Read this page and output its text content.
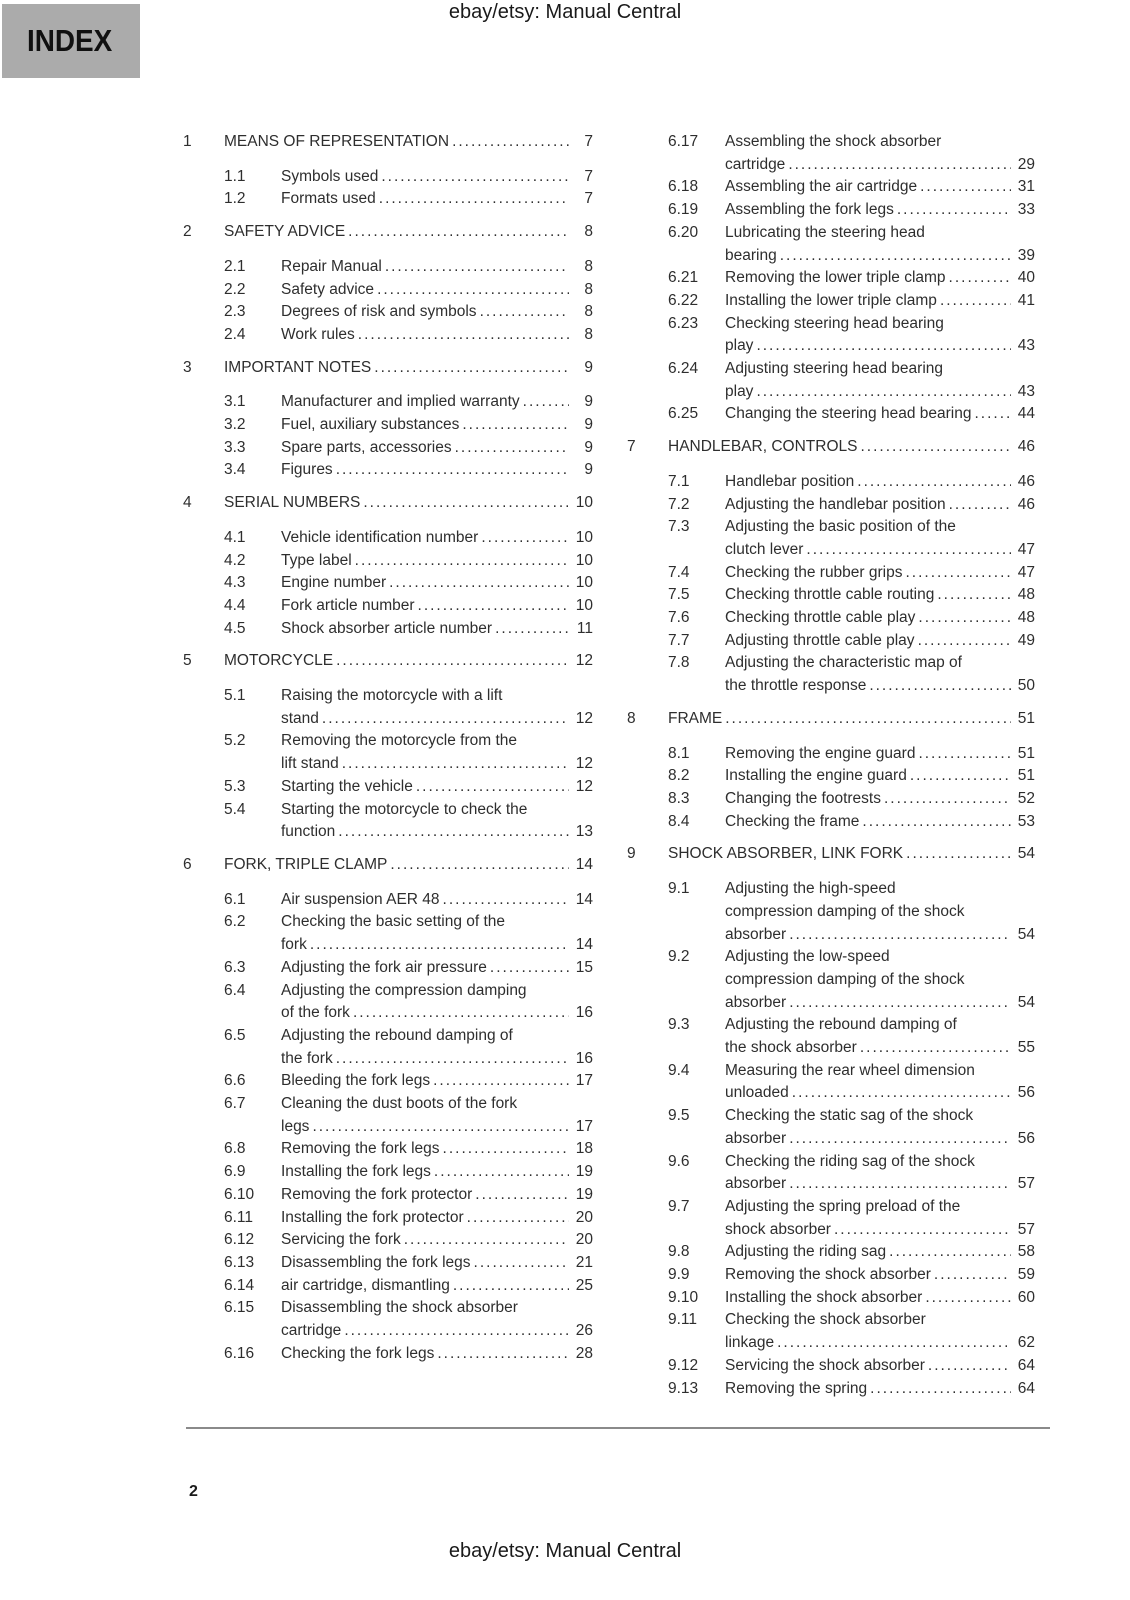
ebay/etsy: Manual Central
INDEX
1	MEANS OF REPRESENTATION .....	7
1.1	Symbols used .....	7
1.2	Formats used .....	7
2	SAFETY ADVICE .....	8
2.1	Repair Manual .....	8
2.2	Safety advice .....	8
2.3	Degrees of risk and symbols .....	8
2.4	Work rules .....	8
3	IMPORTANT NOTES .....	9
3.1	Manufacturer and implied warranty .....	9
3.2	Fuel, auxiliary substances .....	9
3.3	Spare parts, accessories .....	9
3.4	Figures .....	9
4	SERIAL NUMBERS .....	10
4.1	Vehicle identification number .....	10
4.2	Type label .....	10
4.3	Engine number .....	10
4.4	Fork article number .....	10
4.5	Shock absorber article number .....	11
5	MOTORCYCLE .....	12
5.1	Raising the motorcycle with a lift
stand .....	12
5.2	Removing the motorcycle from the
lift stand .....	12
5.3	Starting the vehicle .....	12
5.4	Starting the motorcycle to check the
function .....	13
6	FORK, TRIPLE CLAMP .....	14
6.1	Air suspension AER 48 .....	14
6.2	Checking the basic setting of the
fork .....	14
6.3	Adjusting the fork air pressure .....	15
6.4	Adjusting the compression damping
of the fork .....	16
6.5	Adjusting the rebound damping of
the fork .....	16
6.6	Bleeding the fork legs .....	17
6.7	Cleaning the dust boots of the fork
legs .....	17
6.8	Removing the fork legs .....	18
6.9	Installing the fork legs .....	19
6.10	Removing the fork protector .....	19
6.11	Installing the fork protector .....	20
6.12	Servicing the fork .....	20
6.13	Disassembling the fork legs .....	21
6.14	air cartridge, dismantling .....	25
6.15	Disassembling the shock absorber
cartridge .....	26
6.16	Checking the fork legs .....	28
6.17	Assembling the shock absorber
cartridge .....	29
6.18	Assembling the air cartridge .....	31
6.19	Assembling the fork legs .....	33
6.20	Lubricating the steering head
bearing .....	39
6.21	Removing the lower triple clamp .....	40
6.22	Installing the lower triple clamp .....	41
6.23	Checking steering head bearing
play .....	43
6.24	Adjusting steering head bearing
play .....	43
6.25	Changing the steering head bearing .....	44
7	HANDLEBAR, CONTROLS .....	46
7.1	Handlebar position .....	46
7.2	Adjusting the handlebar position .....	46
7.3	Adjusting the basic position of the
clutch lever .....	47
7.4	Checking the rubber grips .....	47
7.5	Checking throttle cable routing .....	48
7.6	Checking throttle cable play .....	48
7.7	Adjusting throttle cable play .....	49
7.8	Adjusting the characteristic map of
the throttle response .....	50
8	FRAME .....	51
8.1	Removing the engine guard .....	51
8.2	Installing the engine guard .....	51
8.3	Changing the footrests .....	52
8.4	Checking the frame .....	53
9	SHOCK ABSORBER, LINK FORK .....	54
9.1	Adjusting the high-speed
compression damping of the shock
absorber .....	54
9.2	Adjusting the low-speed
compression damping of the shock
absorber .....	54
9.3	Adjusting the rebound damping of
the shock absorber .....	55
9.4	Measuring the rear wheel dimension
unloaded .....	56
9.5	Checking the static sag of the shock
absorber .....	56
9.6	Checking the riding sag of the shock
absorber .....	57
9.7	Adjusting the spring preload of the
shock absorber .....	57
9.8	Adjusting the riding sag .....	58
9.9	Removing the shock absorber .....	59
9.10	Installing the shock absorber .....	60
9.11	Checking the shock absorber
linkage .....	62
9.12	Servicing the shock absorber .....	64
9.13	Removing the spring .....	64
2
ebay/etsy: Manual Central
